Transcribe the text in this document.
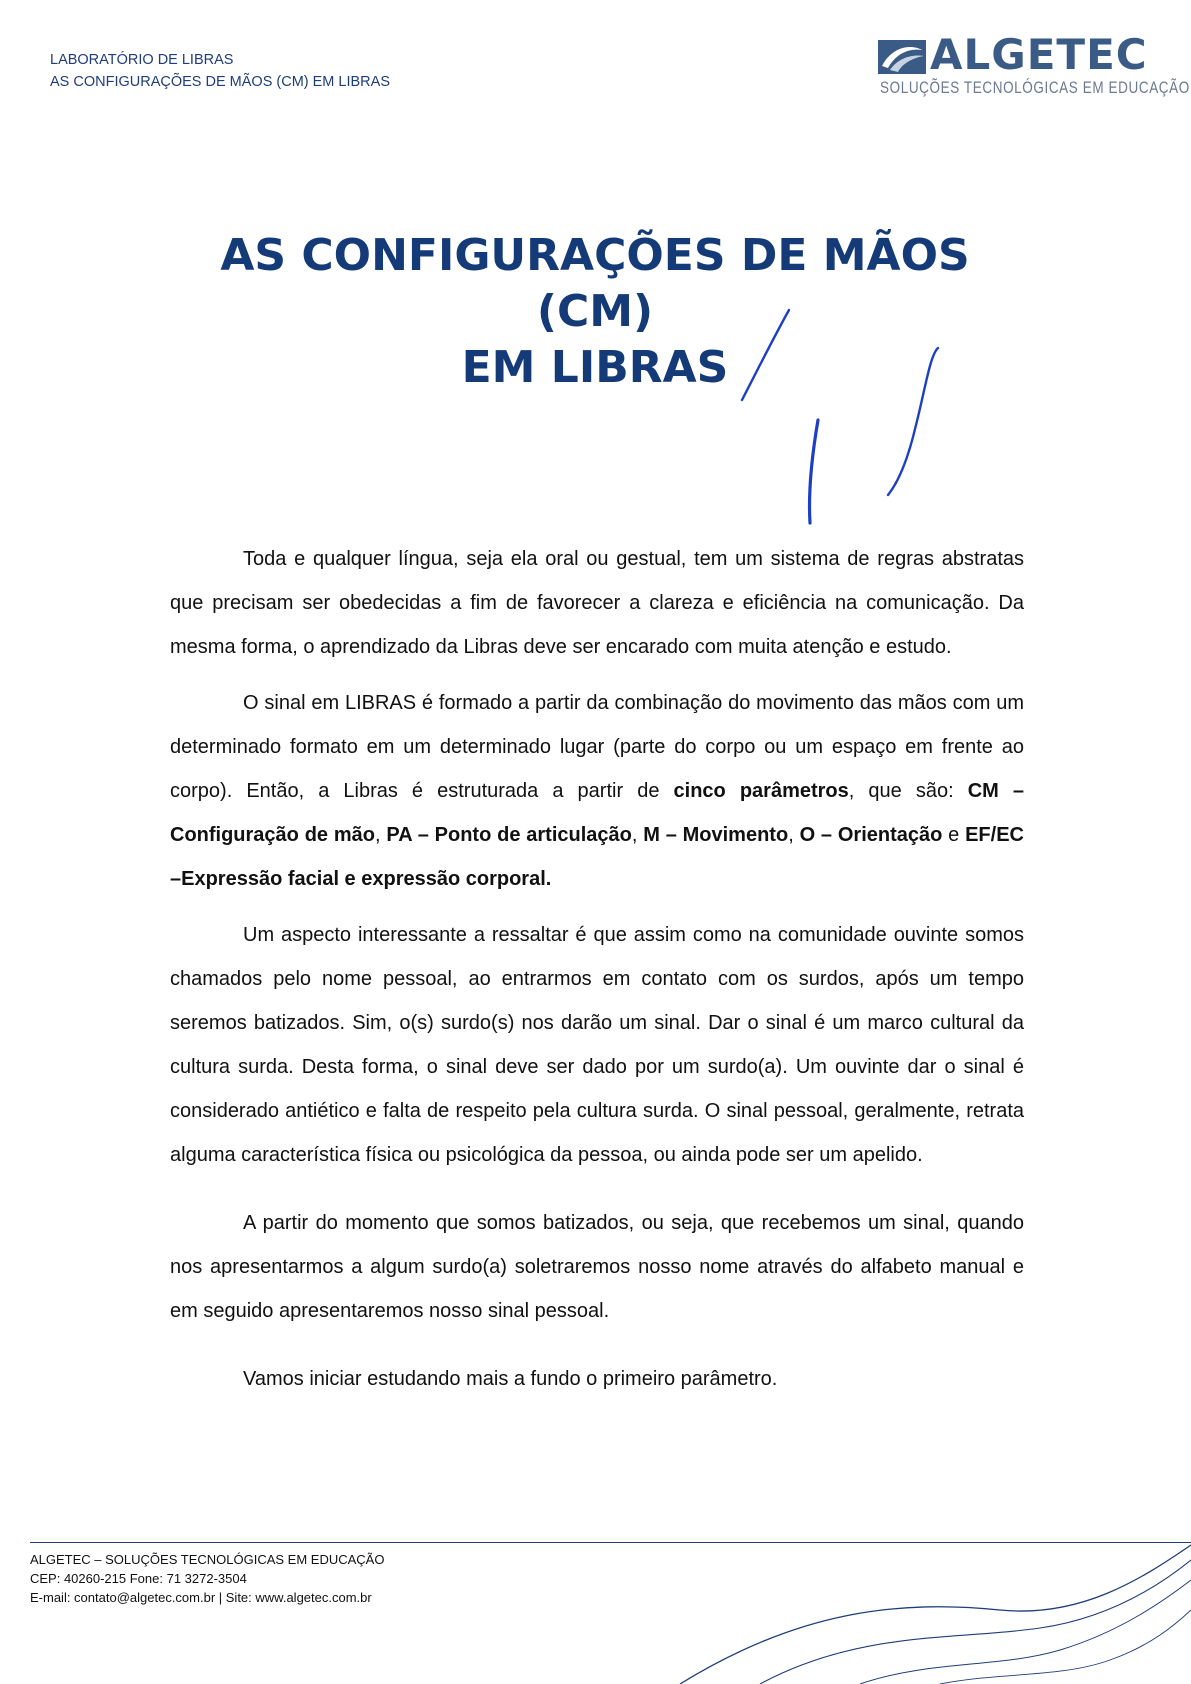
LABORATÓRIO DE LIBRAS
AS CONFIGURAÇÕES DE MÃOS (CM) EM LIBRAS
ALGETEC
SOLUÇÕES TECNOLÓGICAS EM EDUCAÇÃO
AS CONFIGURAÇÕES DE MÃOS (CM)
EM LIBRAS

Toda e qualquer língua, seja ela oral ou gestual, tem um sistema de regras abstratas que precisam ser obedecidas a fim de favorecer a clareza e eficiência na comunicação. Da mesma forma, o aprendizado da Libras deve ser encarado com muita atenção e estudo.

O sinal em LIBRAS é formado a partir da combinação do movimento das mãos com um determinado formato em um determinado lugar (parte do corpo ou um espaço em frente ao corpo). Então, a Libras é estruturada a partir de cinco parâmetros, que são: CM – Configuração de mão, PA – Ponto de articulação, M – Movimento, O – Orientação e EF/EC –Expressão facial e expressão corporal.

Um aspecto interessante a ressaltar é que assim como na comunidade ouvinte somos chamados pelo nome pessoal, ao entrarmos em contato com os surdos, após um tempo seremos batizados. Sim, o(s) surdo(s) nos darão um sinal. Dar o sinal é um marco cultural da cultura surda. Desta forma, o sinal deve ser dado por um surdo(a). Um ouvinte dar o sinal é considerado antiético e falta de respeito pela cultura surda. O sinal pessoal, geralmente, retrata alguma característica física ou psicológica da pessoa, ou ainda pode ser um apelido.

A partir do momento que somos batizados, ou seja, que recebemos um sinal, quando nos apresentarmos a algum surdo(a) soletraremos nosso nome através do alfabeto manual e em seguido apresentaremos nosso sinal pessoal.

Vamos iniciar estudando mais a fundo o primeiro parâmetro.

ALGETEC – SOLUÇÕES TECNOLÓGICAS EM EDUCAÇÃO
CEP: 40260-215 Fone: 71 3272-3504
E-mail: contato@algetec.com.br | Site: www.algetec.com.br
